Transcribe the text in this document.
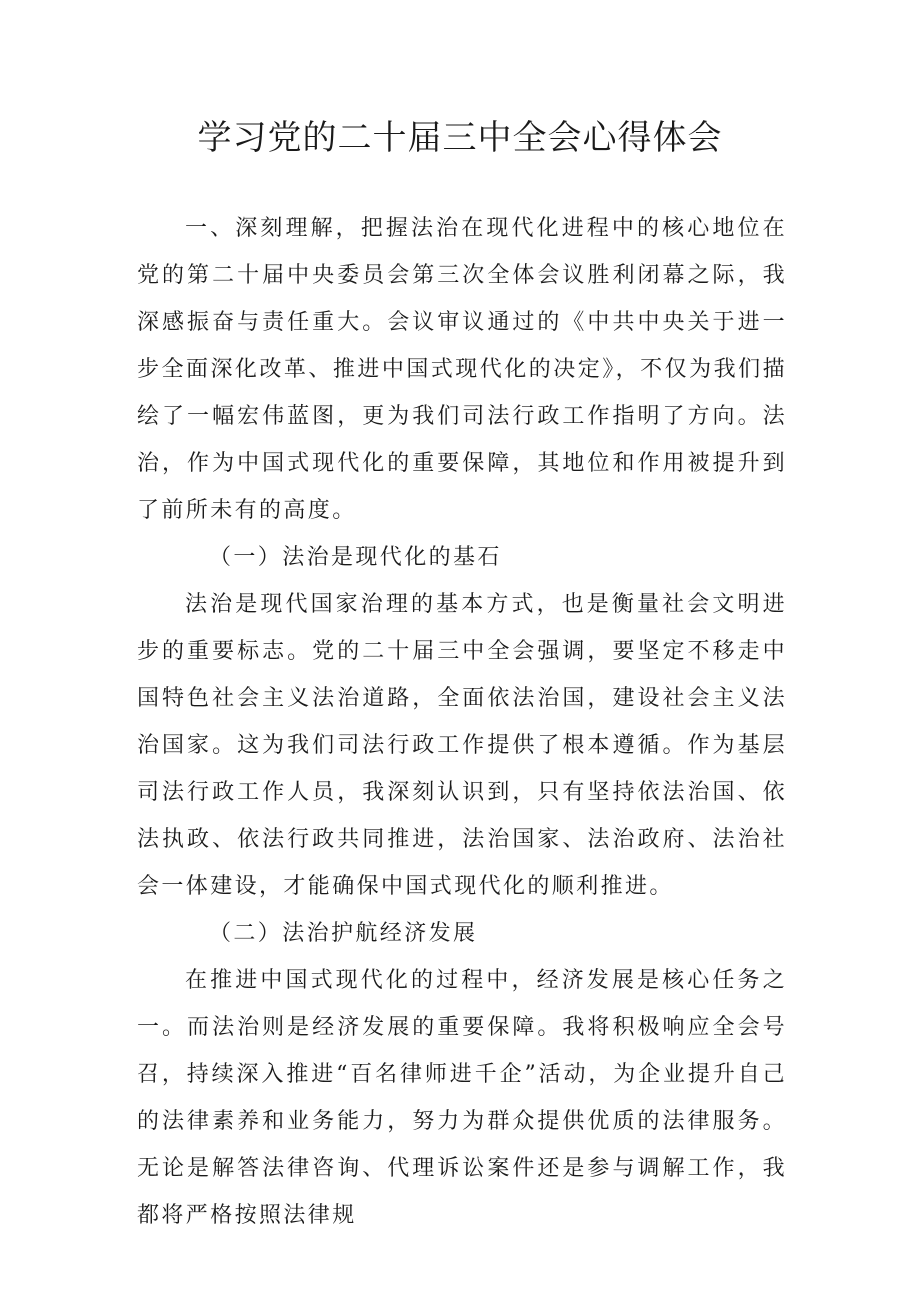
学习党的二十届三中全会心得体会

一、深刻理解，把握法治在现代化进程中的核心地位在党的第二十届中央委员会第三次全体会议胜利闭幕之际，我深感振奋与责任重大。会议审议通过的《中共中央关于进一步全面深化改革、推进中国式现代化的决定》，不仅为我们描绘了一幅宏伟蓝图，更为我们司法行政工作指明了方向。法治，作为中国式现代化的重要保障，其地位和作用被提升到了前所未有的高度。

（一）法治是现代化的基石

法治是现代国家治理的基本方式，也是衡量社会文明进步的重要标志。党的二十届三中全会强调，要坚定不移走中国特色社会主义法治道路，全面依法治国，建设社会主义法治国家。这为我们司法行政工作提供了根本遵循。作为基层司法行政工作人员，我深刻认识到，只有坚持依法治国、依法执政、依法行政共同推进，法治国家、法治政府、法治社会一体建设，才能确保中国式现代化的顺利推进。

（二）法治护航经济发展

在推进中国式现代化的过程中，经济发展是核心任务之一。而法治则是经济发展的重要保障。我将积极响应全会号召，持续深入推进“百名律师进千企”活动，为企业提升自己的法律素养和业务能力，努力为群众提供优质的法律服务。无论是解答法律咨询、代理诉讼案件还是参与调解工作，我都将严格按照法律规
